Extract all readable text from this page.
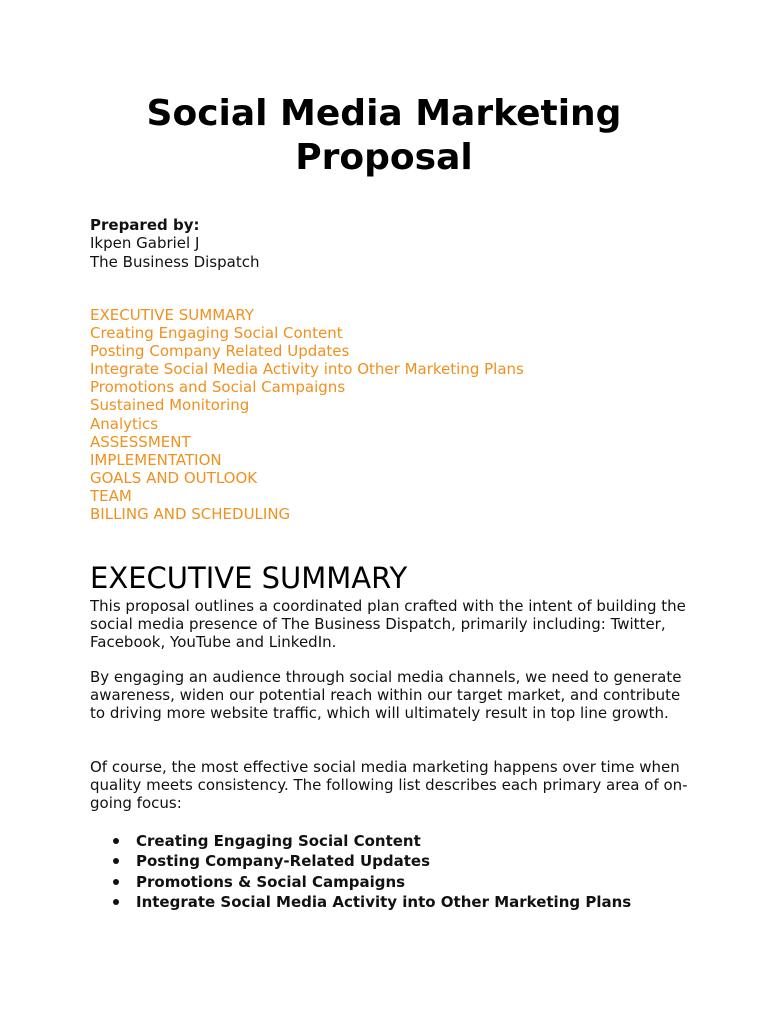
Social Media Marketing
Proposal
Prepared by:
Ikpen Gabriel J
The Business Dispatch
EXECUTIVE SUMMARY
Creating Engaging Social Content
Posting Company Related Updates
Integrate Social Media Activity into Other Marketing Plans
Promotions and Social Campaigns
Sustained Monitoring
Analytics
ASSESSMENT
IMPLEMENTATION
GOALS AND OUTLOOK
TEAM
BILLING AND SCHEDULING
EXECUTIVE SUMMARY

This proposal outlines a coordinated plan crafted with the intent of building the social media presence of The Business Dispatch, primarily including: Twitter, Facebook, YouTube and LinkedIn.

By engaging an audience through social media channels, we need to generate awareness, widen our potential reach within our target market, and contribute to driving more website traffic, which will ultimately result in top line growth.

Of course, the most effective social media marketing happens over time when quality meets consistency. The following list describes each primary area of on-going focus:

Creating Engaging Social Content
Posting Company-Related Updates
Promotions & Social Campaigns
Integrate Social Media Activity into Other Marketing Plans
